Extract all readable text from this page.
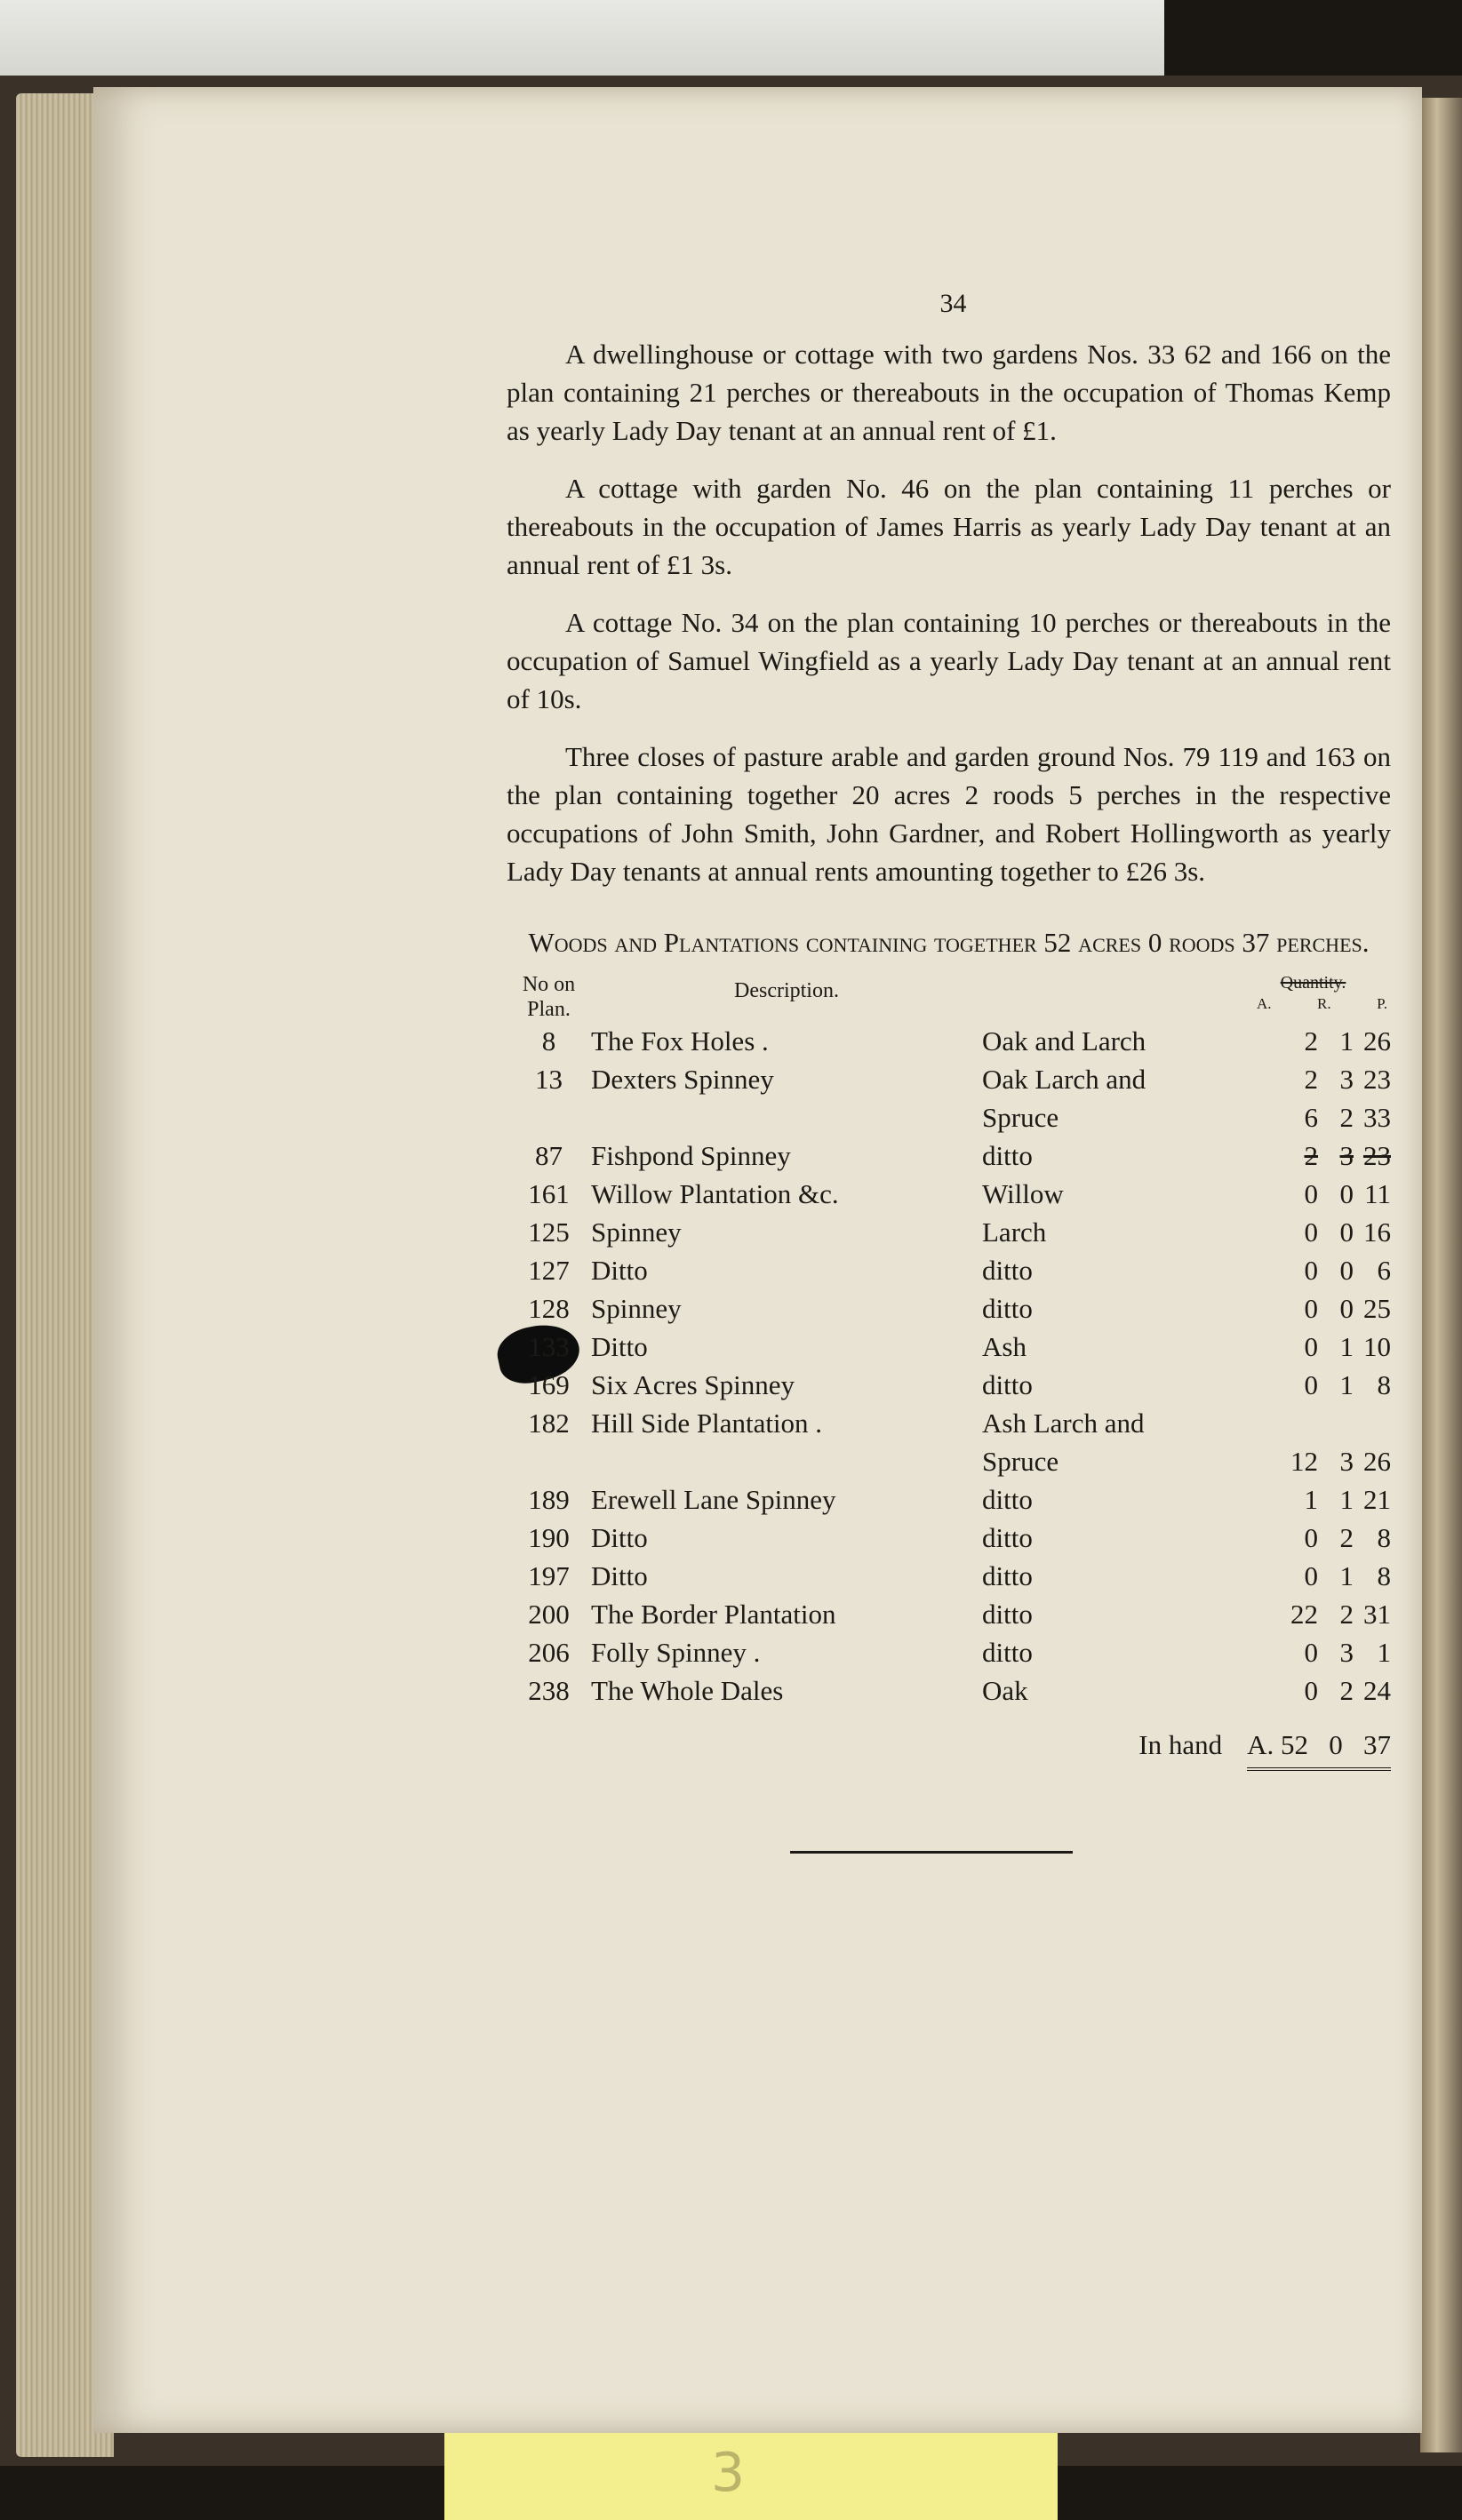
34

A dwellinghouse or cottage with two gardens Nos. 33 62 and 166 on the plan containing 21 perches or thereabouts in the occupation of Thomas Kemp as yearly Lady Day tenant at an annual rent of £1.

A cottage with garden No. 46 on the plan containing 11 perches or thereabouts in the occupation of James Harris as yearly Lady Day tenant at an annual rent of £1 3s.

A cottage No. 34 on the plan containing 10 perches or thereabouts in the occupation of Samuel Wingfield as a yearly Lady Day tenant at an annual rent of 10s.

Three closes of pasture arable and garden ground Nos. 79 119 and 163 on the plan containing together 20 acres 2 roods 5 perches in the respective occupations of John Smith, John Gardner, and Robert Hollingworth as yearly Lady Day tenants at annual rents amounting together to £26 3s.

Woods and Plantations containing together 52 acres 0 roods 37 perches.
No on Plan.	Description.		Quantity.
A. R. P.

8	The Fox Holes .	Oak and Larch	2 1 26
13	Dexters Spinney	Oak Larch and	2 3 23
		Spruce	6 2 33
87	Fishpond Spinney	ditto	2 3 23
161	Willow Plantation &c.	Willow	0 0 11
125	Spinney	Larch	0 0 16
127	Ditto	ditto	0 0 6
128	Spinney	ditto	0 0 25
133	Ditto	Ash	0 1 10
169	Six Acres Spinney	ditto	0 1 8
182	Hill Side Plantation .	Ash Larch and	
		Spruce	12 3 26
189	Erewell Lane Spinney	ditto	1 1 21
190	Ditto	ditto	0 2 8
197	Ditto	ditto	0 1 8
200	The Border Plantation	ditto	22 2 31
206	Folly Spinney .	ditto	0 3 1
238	The Whole Dales	Oak	0 2 24
In hand A. 52 0 37
3
